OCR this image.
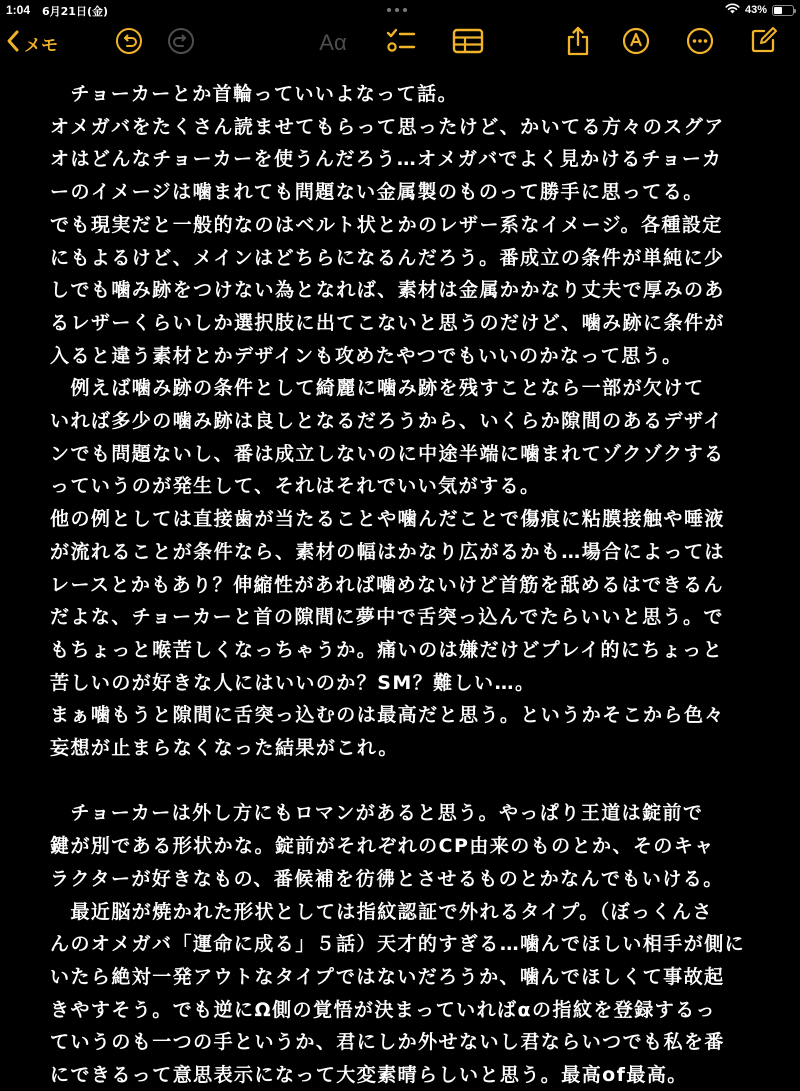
1:04 6月21日(金)	43%
メモ	Aα
　チョーカーとか首輪っていいよなって話。
オメガバをたくさん読ませてもらって思ったけど、かいてる方々のスグア
オはどんなチョーカーを使うんだろう…オメガバでよく見かけるチョーカ
ーのイメージは噛まれても問題ない金属製のものって勝手に思ってる。
でも現実だと一般的なのはベルト状とかのレザー系なイメージ。各種設定
にもよるけど、メインはどちらになるんだろう。番成立の条件が単純に少
しでも噛み跡をつけない為となれば、素材は金属かかなり丈夫で厚みのあ
るレザーくらいしか選択肢に出てこないと思うのだけど、噛み跡に条件が
入ると違う素材とかデザインも攻めたやつでもいいのかなって思う。
　例えば噛み跡の条件として綺麗に噛み跡を残すことなら一部が欠けて
いれば多少の噛み跡は良しとなるだろうから、いくらか隙間のあるデザイ
ンでも問題ないし、番は成立しないのに中途半端に噛まれてゾクゾクする
っていうのが発生して、それはそれでいい気がする。
他の例としては直接歯が当たることや噛んだことで傷痕に粘膜接触や唾液
が流れることが条件なら、素材の幅はかなり広がるかも…場合によっては
レースとかもあり？伸縮性があれば噛めないけど首筋を舐めるはできるん
だよな、チョーカーと首の隙間に夢中で舌突っ込んでたらいいと思う。で
もちょっと喉苦しくなっちゃうか。痛いのは嫌だけどプレイ的にちょっと
苦しいのが好きな人にはいいのか？SM？難しい…。
まぁ噛もうと隙間に舌突っ込むのは最高だと思う。というかそこから色々
妄想が止まらなくなった結果がこれ。
　チョーカーは外し方にもロマンがあると思う。やっぱり王道は錠前で
鍵が別である形状かな。錠前がそれぞれのCP由来のものとか、そのキャ
ラクターが好きなもの、番候補を彷彿とさせるものとかなんでもいける。
　最近脳が焼かれた形状としては指紋認証で外れるタイプ。（ぼっくんさ
んのオメガバ「運命に成る」５話）天才的すぎる…噛んでほしい相手が側に
いたら絶対一発アウトなタイプではないだろうか、噛んでほしくて事故起
きやすそう。でも逆にΩ側の覚悟が決まっていればαの指紋を登録するっ
ていうのも一つの手というか、君にしか外せないし君ならいつでも私を番
にできるって意思表示になって大変素晴らしいと思う。最高of最高。
